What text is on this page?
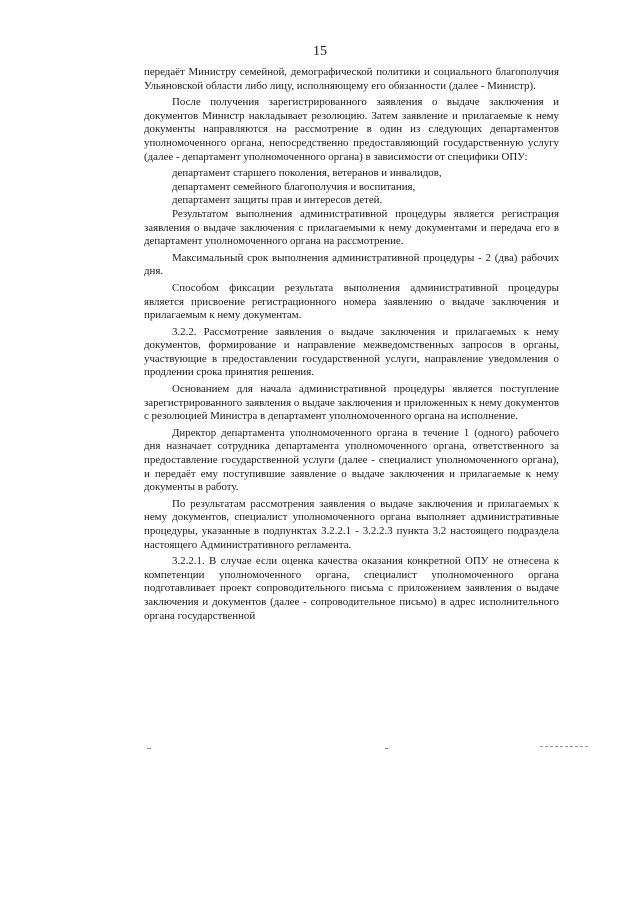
15

передаёт Министру семейной, демографической политики и социального благополучия Ульяновской области либо лицу, исполняющему его обязанности (далее - Министр).

После получения зарегистрированного заявления о выдаче заключения и документов Министр накладывает резолюцию. Затем заявление и прилагаемые к нему документы направляются на рассмотрение в один из следующих департаментов уполномоченного органа, непосредственно предоставляющий государственную услугу (далее - департамент уполномоченного органа) в зависимости от специфики ОПУ:

департамент старшего поколения, ветеранов и инвалидов,

департамент семейного благополучия и воспитания,

департамент защиты прав и интересов детей.

Результатом выполнения административной процедуры является регистрация заявления о выдаче заключения с прилагаемыми к нему документами и передача его в департамент уполномоченного органа на рассмотрение.

Максимальный срок выполнения административной процедуры - 2 (два) рабочих дня.

Способом фиксации результата выполнения административной процедуры является присвоение регистрационного номера заявлению о выдаче заключения и прилагаемым к нему документам.

3.2.2. Рассмотрение заявления о выдаче заключения и прилагаемых к нему документов, формирование и направление межведомственных запросов в органы, участвующие в предоставлении государственной услуги, направление уведомления о продлении срока принятия решения.

Основанием для начала административной процедуры является поступление зарегистрированного заявления о выдаче заключения и приложенных к нему документов с резолюцией Министра в департамент уполномоченного органа на исполнение.

Директор департамента уполномоченного органа в течение 1 (одного) рабочего дня назначает сотрудника департамента уполномоченного органа, ответственного за предоставление государственной услуги (далее - специалист уполномоченного органа), и передаёт ему поступившие заявление о выдаче заключения и прилагаемые к нему документы в работу.

По результатам рассмотрения заявления о выдаче заключения и прилагаемых к нему документов, специалист уполномоченного органа выполняет административные процедуры, указанные в подпунктах 3.2.2.1 - 3.2.2.3 пункта 3.2 настоящего подраздела настоящего Административного регламента.

3.2.2.1. В случае если оценка качества оказания конкретной ОПУ не отнесена к компетенции уполномоченного органа, специалист уполномоченного органа подготавливает проект сопроводительного письма с приложением заявления о выдаче заключения и документов (далее - сопроводительное письмо) в адрес исполнительного органа государственной
